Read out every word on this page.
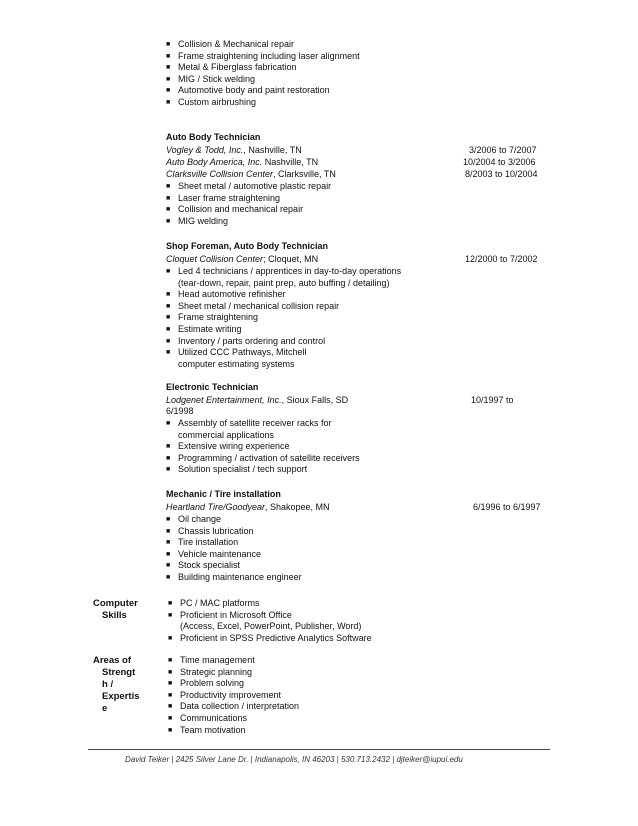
■ Collision & Mechanical repair
■ Frame straightening including laser alignment
■ Metal & Fiberglass fabrication
■ MIG / Stick welding
■ Automotive body and paint restoration
■ Custom airbrushing
Auto Body Technician
Vogley & Todd, Inc., Nashville, TN	3/2006 to 7/2007
Auto Body America, Inc. Nashville, TN	10/2004 to 3/2006
Clarksville Collision Center, Clarksville, TN	8/2003 to 10/2004
■ Sheet metal / automotive plastic repair
■ Laser frame straightening
■ Collision and mechanical repair
■ MIG welding
Shop Foreman, Auto Body Technician
Cloquet Collision Center; Cloquet, MN	12/2000 to 7/2002
■ Led 4 technicians / apprentices in day-to-day operations
(tear-down, repair, paint prep, auto buffing / detailing)
■ Head automotive refinisher
■ Sheet metal / mechanical collision repair
■ Frame straightening
■ Estimate writing
■ Inventory / parts ordering and control
■ Utilized CCC Pathways, Mitchell
computer estimating systems
Electronic Technician
Lodgenet Entertainment, Inc., Sioux Falls, SD	10/1997 to
6/1998
■ Assembly of satellite receiver racks for
commercial applications
■ Extensive wiring experience
■ Programming / activation of satellite receivers
■ Solution specialist / tech support
Mechanic / Tire installation
Heartland Tire/Goodyear, Shakopee, MN	6/1996 to 6/1997
■ Oil change
■ Chassis lubrication
■ Tire installation
■ Vehicle maintenance
■ Stock specialist
■ Building maintenance engineer
Computer
Skills
■ PC / MAC platforms
■ Proficient in Microsoft Office
(Access, Excel, PowerPoint, Publisher, Word)
■ Proficient in SPSS Predictive Analytics Software
Areas of
Strengt
h /
Expertis
e
■ Time management
■ Strategic planning
■ Problem solving
■ Productivity improvement
■ Data collection / interpretation
■ Communications
■ Team motivation
David Teiker | 2425 Silver Lane Dr. | Indianapolis, IN 46203 | 530.713.2432 | djteiker@iupui.edu
